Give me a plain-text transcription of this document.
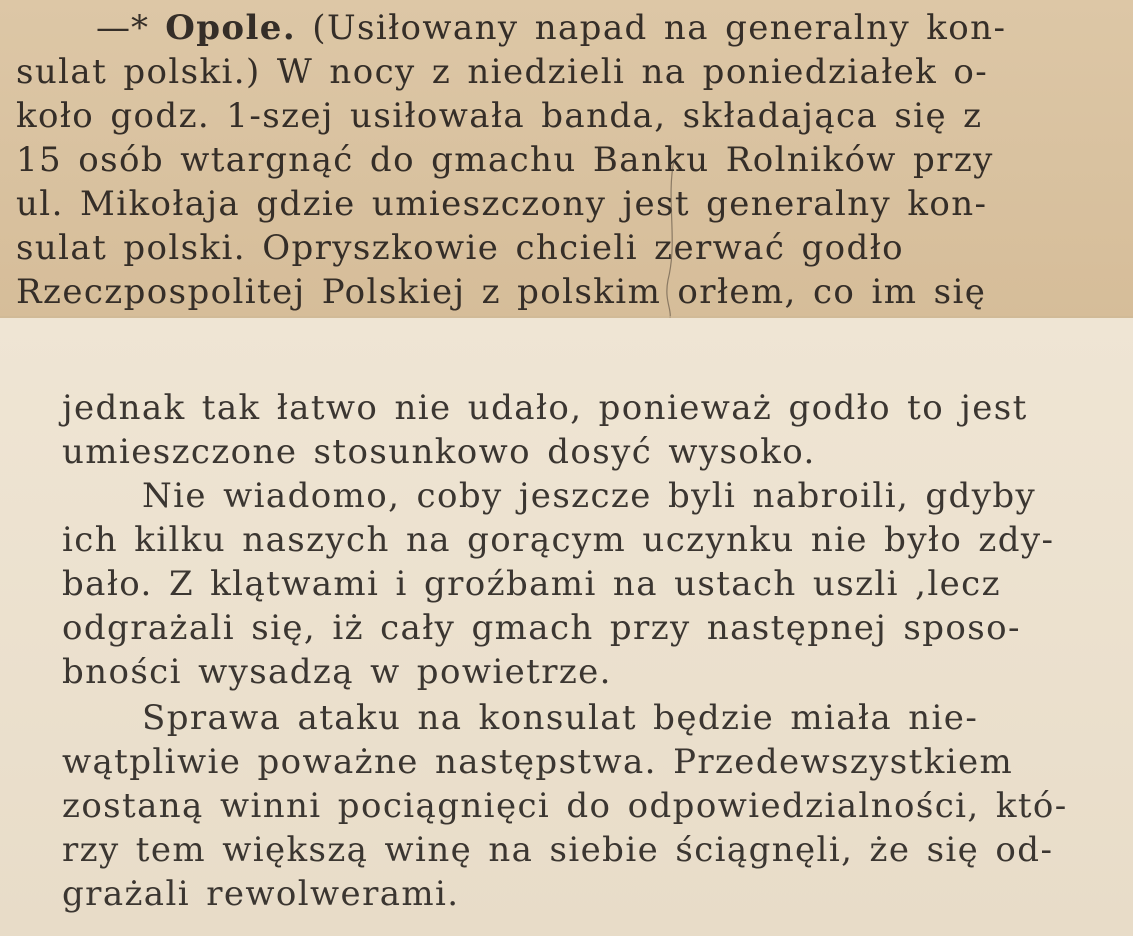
—* Opole. (Usiłowany napad na generalny kon-
sulat polski.) W nocy z niedzieli na poniedziałek o-
koło godz. 1-szej usiłowała banda, składająca się z
15 osób wtargnąć do gmachu Banku Rolników przy
ul. Mikołaja gdzie umieszczony jest generalny kon-
sulat polski. Opryszkowie chcieli zerwać godło
Rzeczpospolitej Polskiej z polskim orłem, co im się
jednak tak łatwo nie udało, ponieważ godło to jest
umieszczone stosunkowo dosyć wysoko.
Nie wiadomo, coby jeszcze byli nabroili, gdyby
ich kilku naszych na gorącym uczynku nie było zdy-
bało. Z klątwami i groźbami na ustach uszli ,lecz
odgrażali się, iż cały gmach przy następnej sposo-
bności wysadzą w powietrze.
Sprawa ataku na konsulat będzie miała nie-
wątpliwie poważne następstwa. Przedewszystkiem
zostaną winni pociągnięci do odpowiedzialności, któ-
rzy tem większą winę na siebie ściągnęli, że się od-
grażali rewolwerami.
